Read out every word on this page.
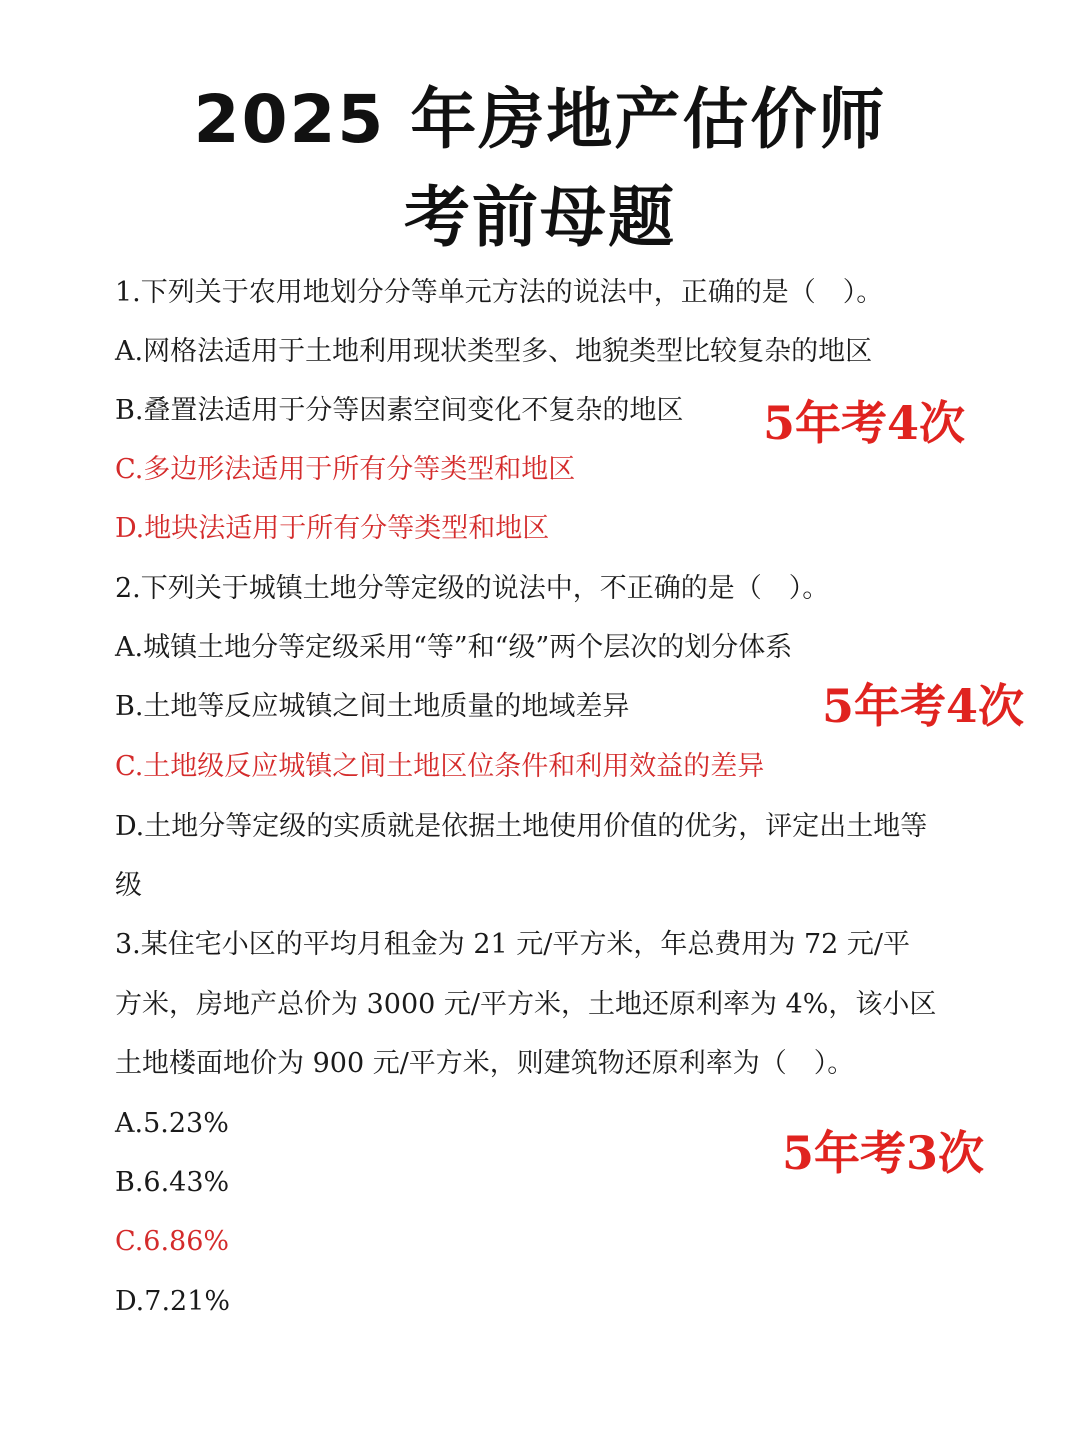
2025 年房地产估价师
考前母题
1.下列关于农用地划分分等单元方法的说法中，正确的是（　）。
A.网格法适用于土地利用现状类型多、地貌类型比较复杂的地区
B.叠置法适用于分等因素空间变化不复杂的地区
C.多边形法适用于所有分等类型和地区
D.地块法适用于所有分等类型和地区
5年考4次
2.下列关于城镇土地分等定级的说法中，不正确的是（　）。
A.城镇土地分等定级采用“等”和“级”两个层次的划分体系
B.土地等反应城镇之间土地质量的地域差异
C.土地级反应城镇之间土地区位条件和利用效益的差异
D.土地分等定级的实质就是依据土地使用价值的优劣，评定出土地等
级
5年考4次
3.某住宅小区的平均月租金为 21 元/平方米，年总费用为 72 元/平
方米，房地产总价为 3000 元/平方米，土地还原利率为 4%，该小区
土地楼面地价为 900 元/平方米，则建筑物还原利率为（　）。
A.5.23%
B.6.43%
C.6.86%
D.7.21%
5年考3次
